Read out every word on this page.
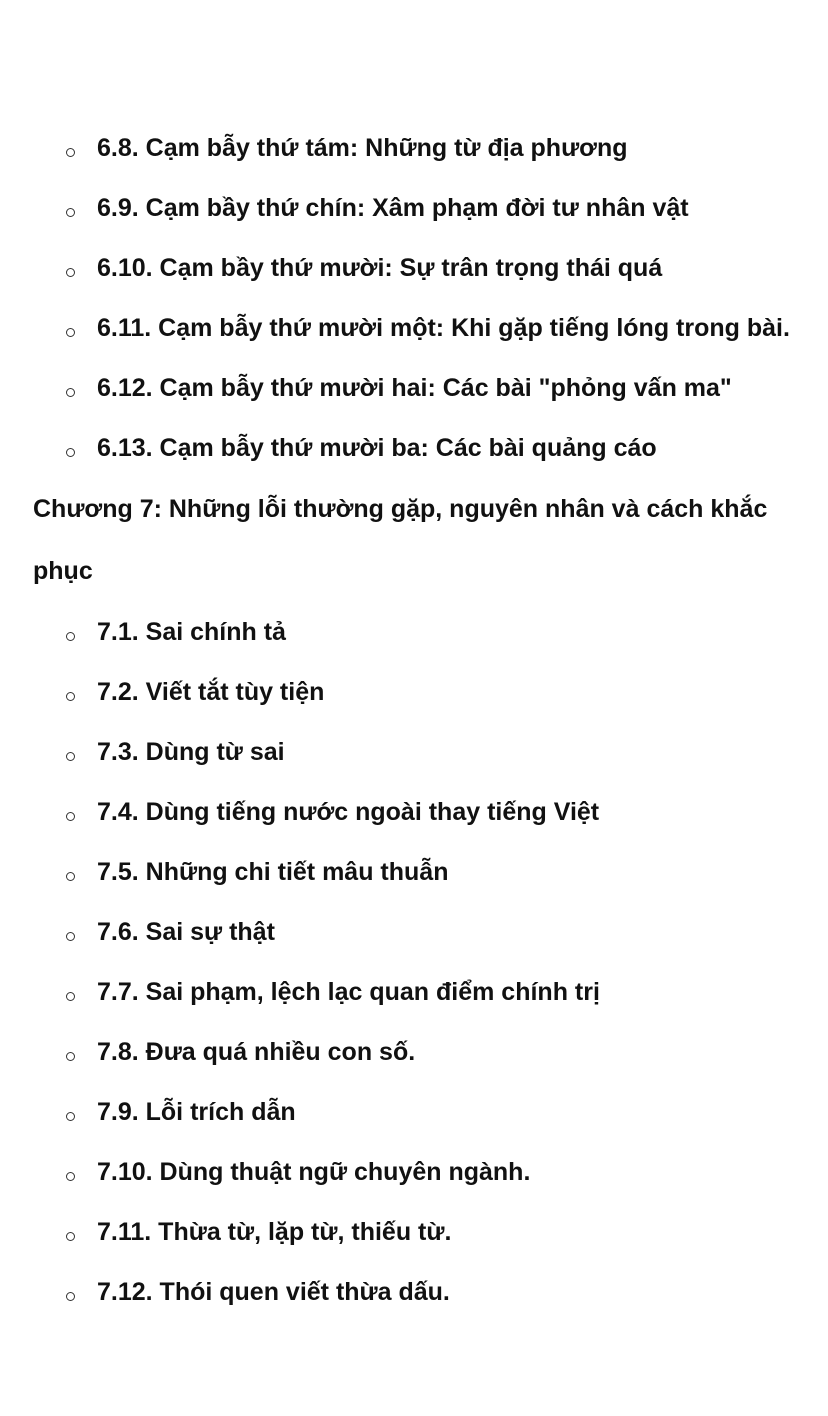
6.8. Cạm bẫy thứ tám: Những từ địa phương
6.9. Cạm bầy thứ chín: Xâm phạm đời tư nhân vật
6.10. Cạm bầy thứ mười: Sự trân trọng thái quá
6.11. Cạm bẫy thứ mười một: Khi gặp tiếng lóng trong bài.
6.12. Cạm bẫy thứ mười hai: Các bài "phỏng vấn ma"
6.13. Cạm bẫy thứ mười ba: Các bài quảng cáo

Chương 7: Những lỗi thường gặp, nguyên nhân và cách khắc phục

7.1. Sai chính tả
7.2. Viết tắt tùy tiện
7.3. Dùng từ sai
7.4. Dùng tiếng nước ngoài thay tiếng Việt
7.5. Những chi tiết mâu thuẫn
7.6. Sai sự thật
7.7. Sai phạm, lệch lạc quan điểm chính trị
7.8. Đưa quá nhiều con số.
7.9. Lỗi trích dẫn
7.10. Dùng thuật ngữ chuyên ngành.
7.11. Thừa từ, lặp từ, thiếu từ.
7.12. Thói quen viết thừa dấu.
